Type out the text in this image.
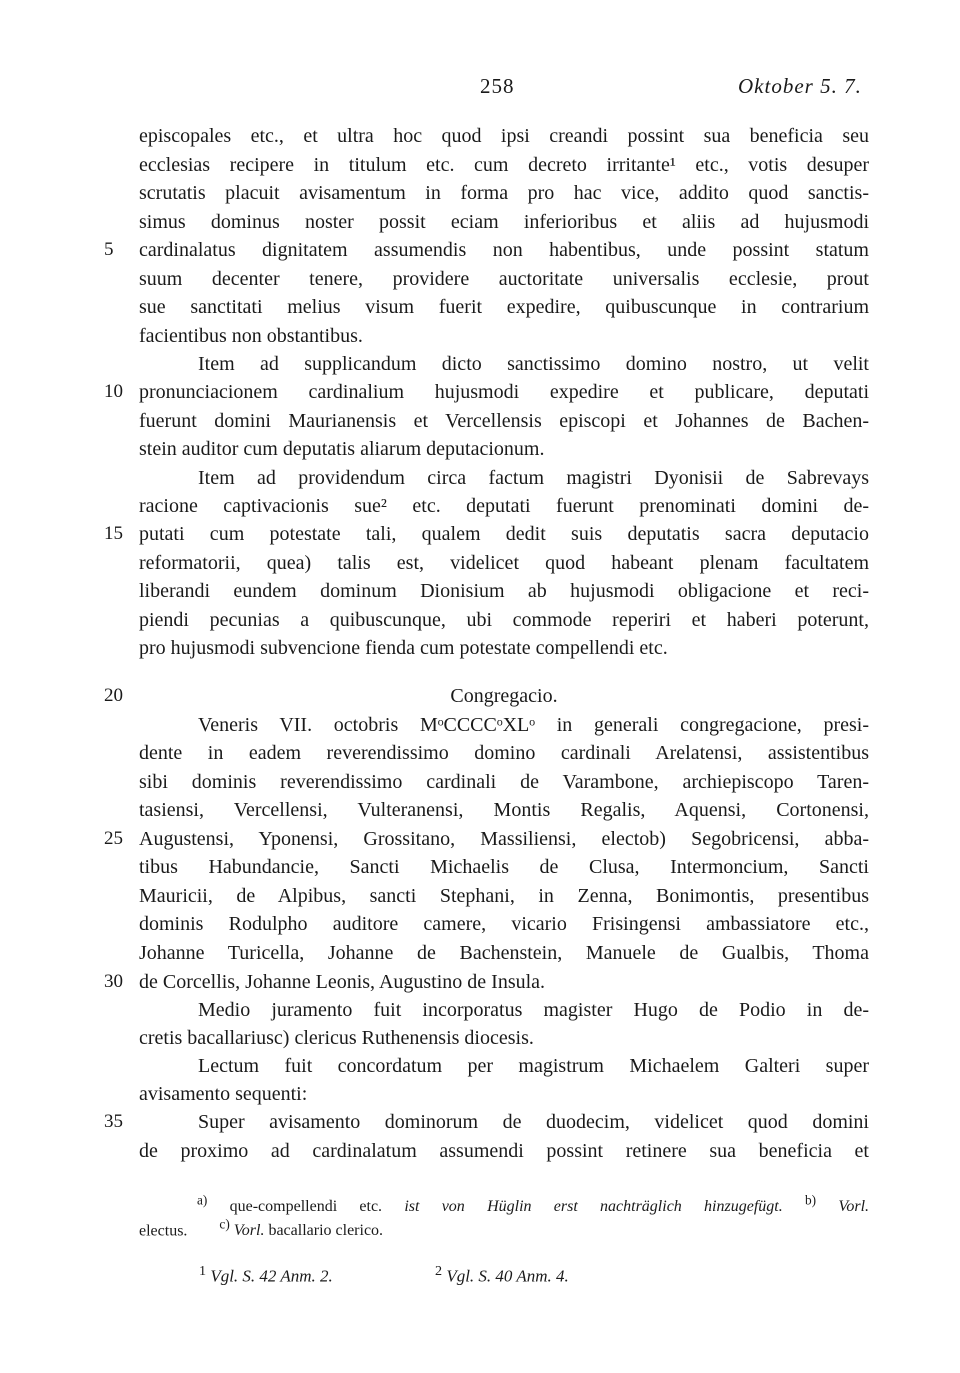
258	Oktober 5. 7.
5
10
15
20
25
30
35
episcopales etc., et ultra hoc quod ipsi creandi possint sua beneficia seu
ecclesias recipere in titulum etc. cum decreto irritante¹ etc., votis desuper
scrutatis placuit avisamentum in forma pro hac vice, addito quod sanctis-
simus dominus noster possit eciam inferioribus et aliis ad hujusmodi
cardinalatus dignitatem assumendis non habentibus, unde possint statum
suum decenter tenere, providere auctoritate universalis ecclesie, prout
sue sanctitati melius visum fuerit expedire, quibuscunque in contrarium
facientibus non obstantibus.
Item ad supplicandum dicto sanctissimo domino nostro, ut velit
pronunciacionem cardinalium hujusmodi expedire et publicare, deputati
fuerunt domini Maurianensis et Vercellensis episcopi et Johannes de Bachen-
stein auditor cum deputatis aliarum deputacionum.
Item ad providendum circa factum magistri Dyonisii de Sabrevays
racione captivacionis sue² etc. deputati fuerunt prenominati domini de-
putati cum potestate tali, qualem dedit suis deputatis sacra deputacio
reformatorii, quea) talis est, videlicet quod habeant plenam facultatem
liberandi eundem dominum Dionisium ab hujusmodi obligacione et reci-
piendi pecunias a quibuscunque, ubi commode reperiri et haberi poterunt,
pro hujusmodi subvencione fienda cum potestate compellendi etc.
Congregacio.
Veneris VII. octobris MᵒCCCCᵒXLᵒ in generali congregacione, presi-
dente in eadem reverendissimo domino cardinali Arelatensi, assistentibus
sibi dominis reverendissimo cardinali de Varambone, archiepiscopo Taren-
tasiensi, Vercellensi, Vulteranensi, Montis Regalis, Aquensi, Cortonensi,
Augustensi, Yponensi, Grossitano, Massiliensi, electob) Segobricensi, abba-
tibus Habundancie, Sancti Michaelis de Clusa, Intermoncium, Sancti
Mauricii, de Alpibus, sancti Stephani, in Zenna, Bonimontis, presentibus
dominis Rodulpho auditore camere, vicario Frisingensi ambassiatore etc.,
Johanne Turicella, Johanne de Bachenstein, Manuele de Gualbis, Thoma
de Corcellis, Johanne Leonis, Augustino de Insula.
Medio juramento fuit incorporatus magister Hugo de Podio in de-
cretis bacallariusc) clericus Ruthenensis diocesis.
Lectum fuit concordatum per magistrum Michaelem Galteri super
avisamento sequenti:
Super avisamento dominorum de duodecim, videlicet quod domini
de proximo ad cardinalatum assumendi possint retinere sua beneficia et
$^{a)}$ que-compellendi etc. ist von Hüglin erst nachträglich hinzugefügt. $^{b)}$ Vorl.
electus. $^{c)}$ Vorl. bacallario clerico.
$^1$ Vgl. S. 42 Anm. 2.	$^2$ Vgl. S. 40 Anm. 4.
